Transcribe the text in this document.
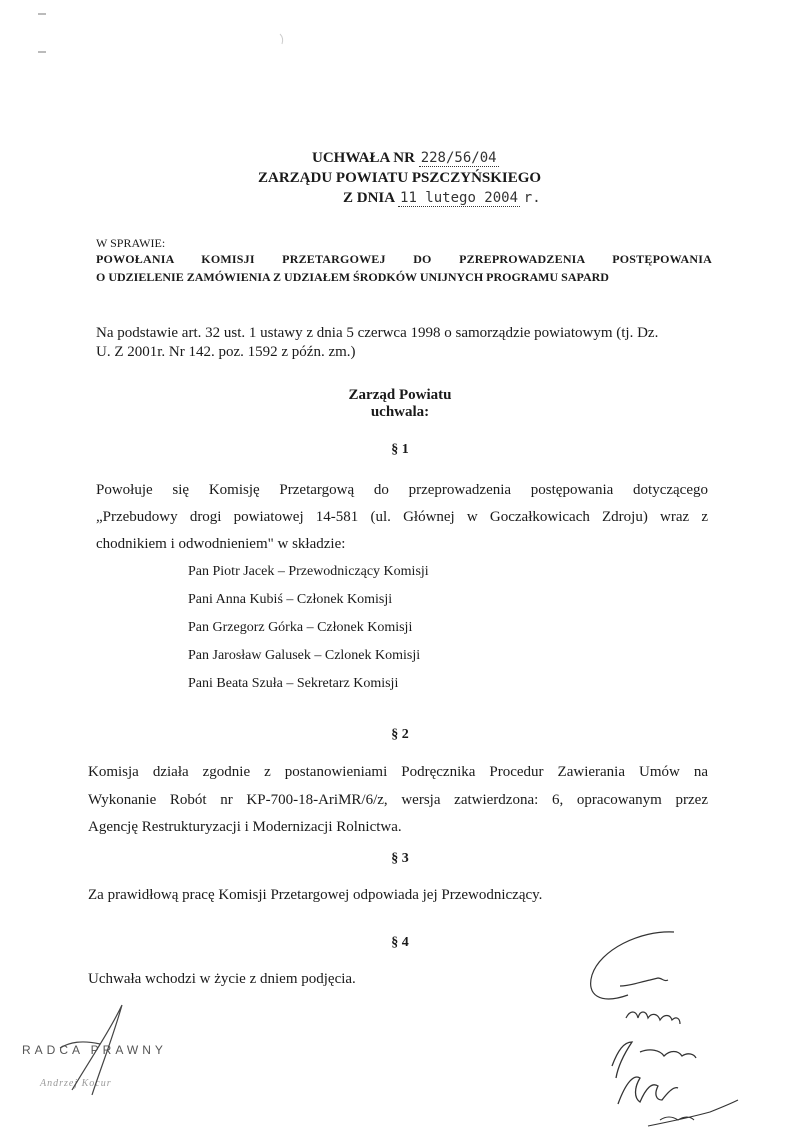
UCHWAŁA NR 228/56/04
ZARZĄDU POWIATU PSZCZYŃSKIEGO
Z DNIA 11 lutego 2004 r.
W SPRAWIE:
POWOŁANIA KOMISJI PRZETARGOWEJ DO PZREPROWADZENIA POSTĘPOWANIA
O UDZIELENIE ZAMÓWIENIA Z UDZIAŁEM ŚRODKÓW UNIJNYCH PROGRAMU SAPARD
Na podstawie art. 32 ust. 1 ustawy z dnia 5 czerwca 1998 o samorządzie powiatowym (tj. Dz.
U. Z 2001r. Nr 142. poz. 1592 z późn. zm.)
Zarząd Powiatu
uchwala:
§ 1
Powołuje się Komisję Przetargową do przeprowadzenia postępowania dotyczącego
„Przebudowy drogi powiatowej 14-581 (ul. Głównej w Goczałkowicach Zdroju) wraz z
chodnikiem i odwodnieniem" w składzie:
Pan Piotr Jacek – Przewodniczący Komisji
Pani Anna Kubiś – Członek Komisji
Pan Grzegorz Górka – Członek Komisji
Pan Jarosław Galusek – Czlonek Komisji
Pani Beata Szuła – Sekretarz Komisji
§ 2
Komisja działa zgodnie z postanowieniami Podręcznika Procedur Zawierania Umów na
Wykonanie Robót nr KP-700-18-AriMR/6/z, wersja zatwierdzona: 6, opracowanym przez
Agencję Restrukturyzacji i Modernizacji Rolnictwa.
§ 3
Za prawidłową pracę Komisji Przetargowej odpowiada jej Przewodniczący.
§ 4
Uchwała wchodzi w życie z dniem podjęcia.
RADCA PRAWNY
Andrzej Kocur
